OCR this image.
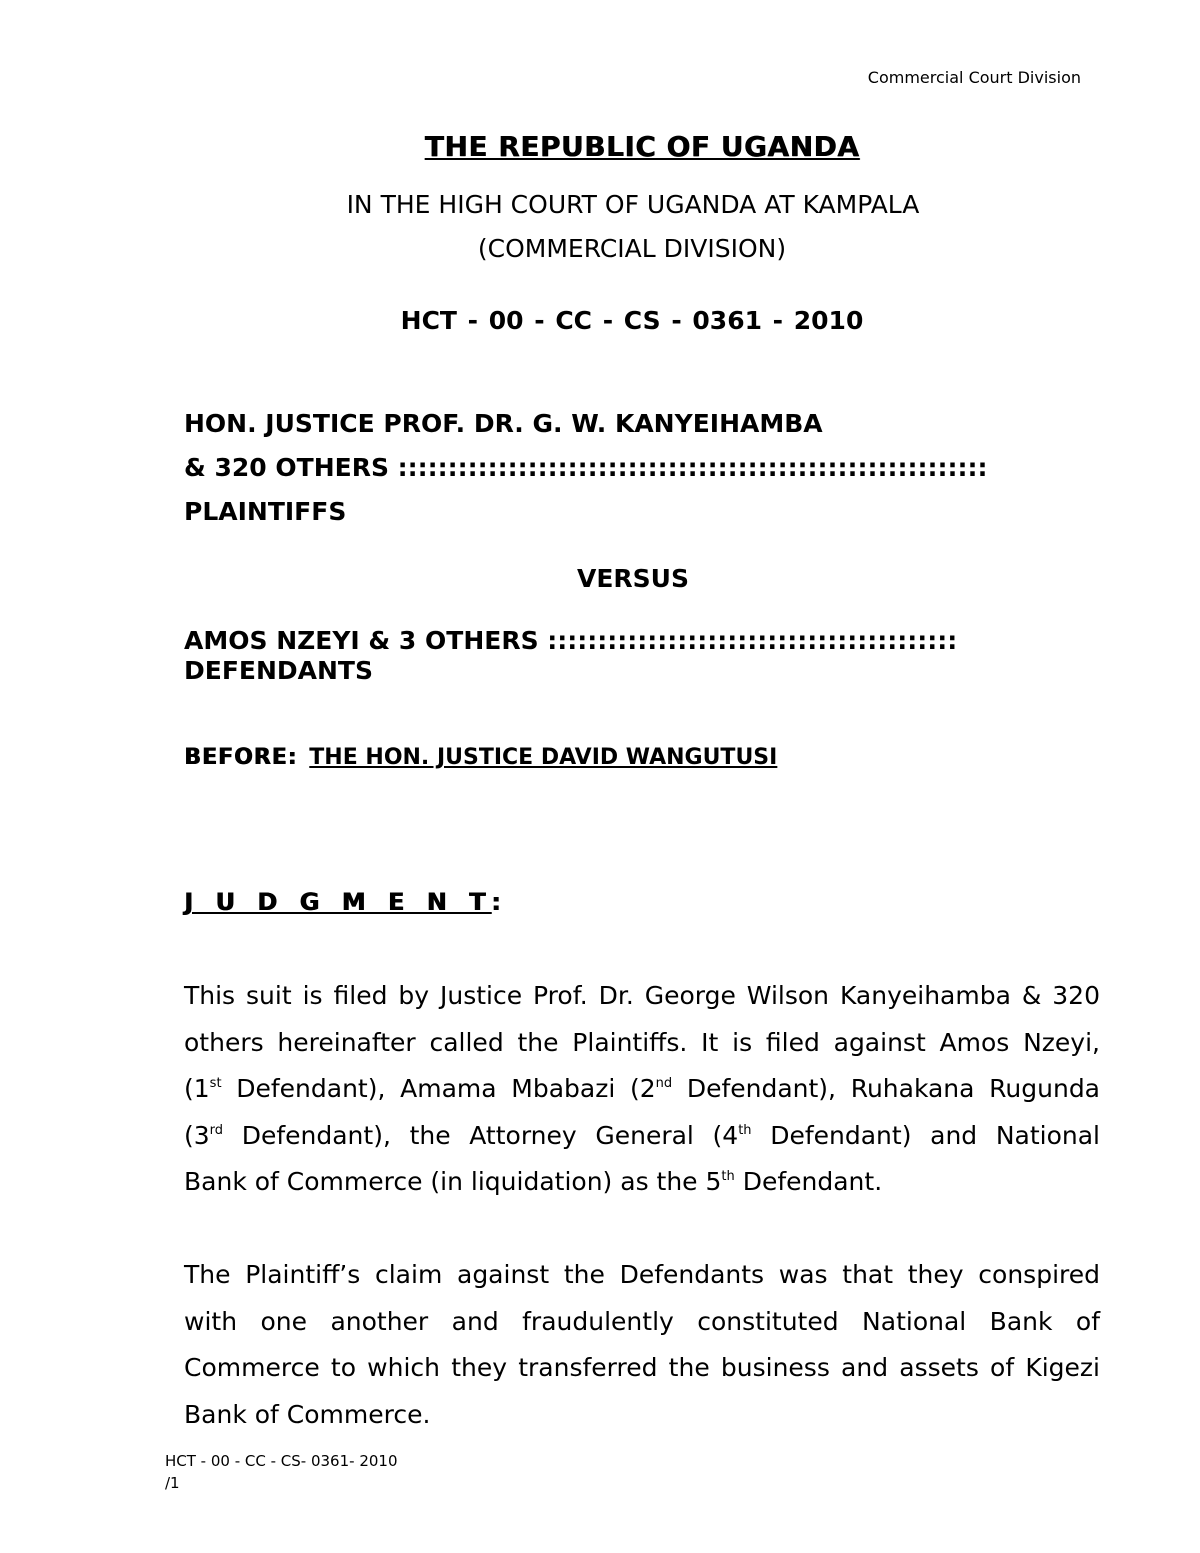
Commercial Court Division
THE REPUBLIC OF UGANDA
IN THE HIGH COURT OF UGANDA AT KAMPALA
(COMMERCIAL DIVISION)
HCT - 00 - CC - CS - 0361 - 2010
HON. JUSTICE PROF. DR. G. W. KANYEIHAMBA
& 320 OTHERS :::::::::::::::::::::::::::::::::::::::::::::::::::::::::::
PLAINTIFFS
VERSUS
AMOS NZEYI & 3 OTHERS :::::::::::::::::::::::::::::::::::::::::
DEFENDANTS
BEFORE: THE HON. JUSTICE DAVID WANGUTUSI
J U D G M E N T:
This suit is filed by Justice Prof. Dr. George Wilson Kanyeihamba & 320
others hereinafter called the Plaintiffs. It is filed against Amos Nzeyi,
(1st Defendant), Amama Mbabazi (2nd Defendant), Ruhakana Rugunda
(3rd Defendant), the Attorney General (4th Defendant) and National
Bank of Commerce (in liquidation) as the 5th Defendant.
The Plaintiff’s claim against the Defendants was that they conspired
with one another and fraudulently constituted National Bank of
Commerce to which they transferred the business and assets of Kigezi
Bank of Commerce.
HCT - 00 - CC - CS- 0361- 2010
/1
